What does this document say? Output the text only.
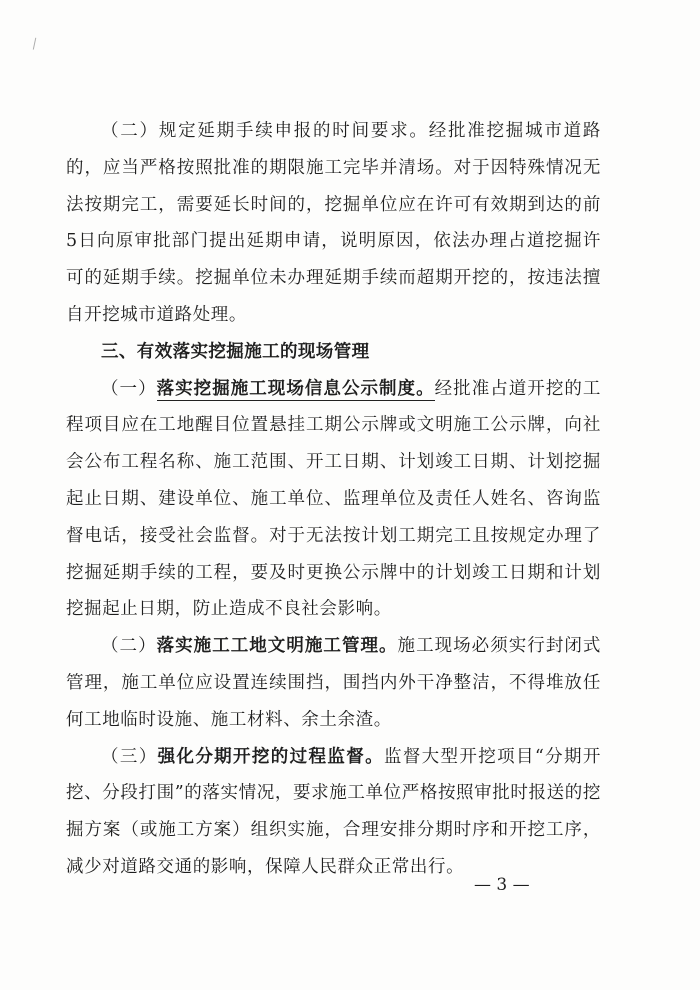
（二）规定延期手续申报的时间要求。经批准挖掘城市道路的，应当严格按照批准的期限施工完毕并清场。对于因特殊情况无法按期完工，需要延长时间的，挖掘单位应在许可有效期到达的前5日向原审批部门提出延期申请，说明原因，依法办理占道挖掘许可的延期手续。挖掘单位未办理延期手续而超期开挖的，按违法擅自开挖城市道路处理。

三、有效落实挖掘施工的现场管理

（一）落实挖掘施工现场信息公示制度。经批准占道开挖的工程项目应在工地醒目位置悬挂工期公示牌或文明施工公示牌，向社会公布工程名称、施工范围、开工日期、计划竣工日期、计划挖掘起止日期、建设单位、施工单位、监理单位及责任人姓名、咨询监督电话，接受社会监督。对于无法按计划工期完工且按规定办理了挖掘延期手续的工程，要及时更换公示牌中的计划竣工日期和计划挖掘起止日期，防止造成不良社会影响。

（二）落实施工工地文明施工管理。施工现场必须实行封闭式管理，施工单位应设置连续围挡，围挡内外干净整洁，不得堆放任何工地临时设施、施工材料、余土余渣。

（三）强化分期开挖的过程监督。监督大型开挖项目“分期开挖、分段打围”的落实情况，要求施工单位严格按照审批时报送的挖掘方案（或施工方案）组织实施，合理安排分期时序和开挖工序，减少对道路交通的影响，保障人民群众正常出行。

— 3 —
